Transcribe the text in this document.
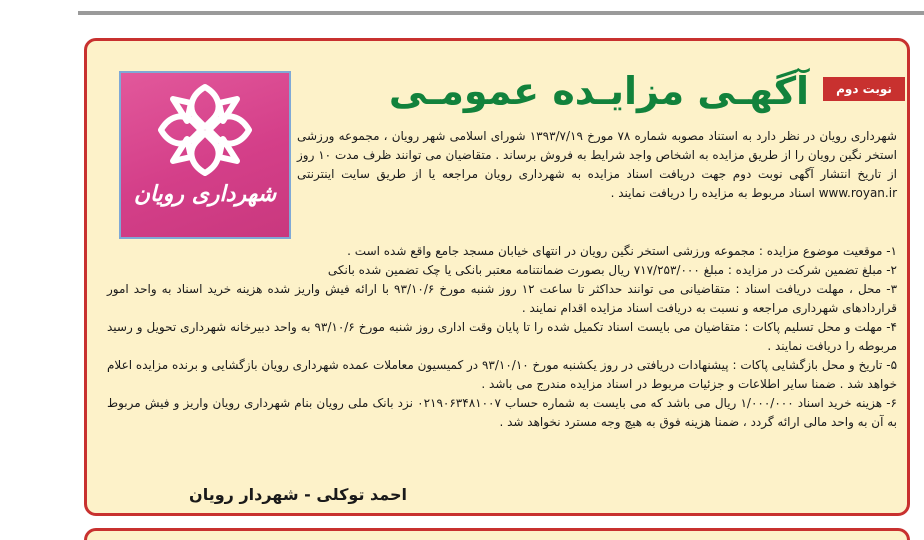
شهرداری رویان
نوبت دوم
آگهـی مزایـده عمومـی
شهرداری رویان در نظر دارد به استناد مصوبه شماره ۷۸ مورخ ۱۳۹۳/۷/۱۹ شورای اسلامی شهر رویان ، مجموعه ورزشی استخر نگین رویان را از طریق مزایده به اشخاص واجد شرایط به فروش برساند . متقاضیان می توانند ظرف مدت ۱۰ روز از تاریخ انتشار آگهی نوبت دوم جهت دریافت اسناد مزایده به شهرداری رویان مراجعه یا از طریق سایت اینترنتی www.royan.ir اسناد مربوط به مزایده را دریافت نمایند .

۱- موقعیت موضوع مزایده : مجموعه ورزشی استخر نگین رویان در انتهای خیابان مسجد جامع واقع شده است .

۲- مبلغ تضمین شرکت در مزایده : مبلغ ۷۱۷/۲۵۳/۰۰۰ ریال بصورت ضمانتنامه معتبر بانکی یا چک تضمین شده بانکی

۳- محل ، مهلت دریافت اسناد : متقاضیانی می توانند حداکثر تا ساعت ۱۲ روز شنبه مورخ ۹۳/۱۰/۶ با ارائه فیش واریز شده هزینه خرید اسناد به واحد امور قراردادهای شهرداری مراجعه و نسبت به دریافت اسناد مزایده اقدام نمایند .

۴- مهلت و محل تسلیم پاکات : متقاضیان می بایست اسناد تکمیل شده را تا پایان وقت اداری روز شنبه مورخ ۹۳/۱۰/۶ به واحد دبیرخانه شهرداری تحویل و رسید مربوطه را دریافت نمایند .

۵- تاریخ و محل بازگشایی پاکات : پیشنهادات دریافتی در روز یکشنبه مورخ ۹۳/۱۰/۱۰ در کمیسیون معاملات عمده شهرداری رویان بازگشایی و برنده مزایده اعلام خواهد شد . ضمنا سایر اطلاعات و جزئیات مربوط در اسناد مزایده مندرج می باشد .

۶- هزینه خرید اسناد ۱/۰۰۰/۰۰۰ ریال می باشد که می بایست به شماره حساب ۰۲۱۹۰۶۳۴۸۱۰۰۷ نزد بانک ملی رویان بنام شهرداری رویان واریز و فیش مربوط به آن به واحد مالی ارائه گردد ، ضمنا هزینه فوق به هیچ وجه مسترد نخواهد شد .

احمد توکلی - شهردار رویان
